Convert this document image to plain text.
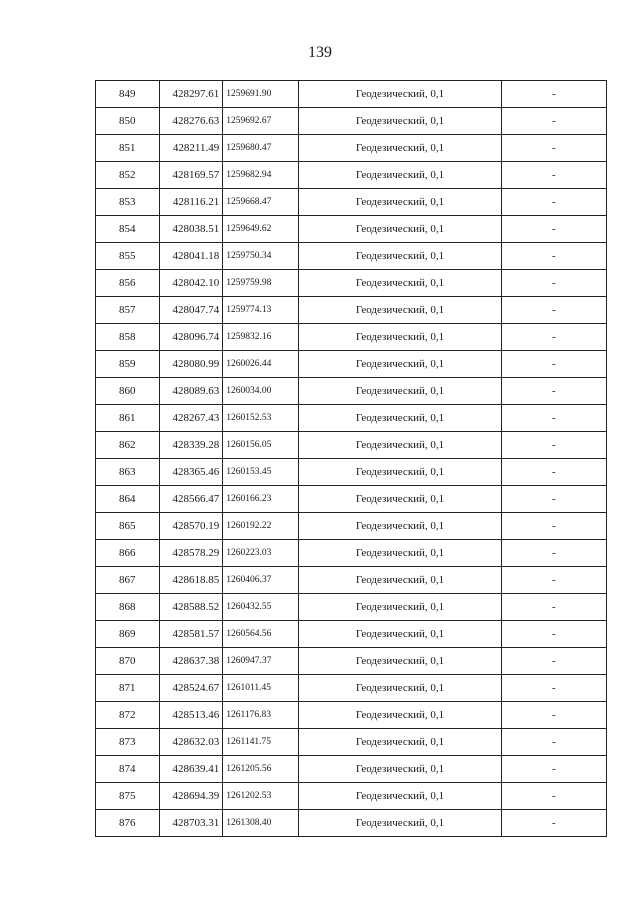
139
849	428297.61	1259691.90	Геодезический, 0,1	-
850	428276.63	1259692.67	Геодезический, 0,1	-
851	428211.49	1259680.47	Геодезический, 0,1	-
852	428169.57	1259682.94	Геодезический, 0,1	-
853	428116.21	1259668.47	Геодезический, 0,1	-
854	428038.51	1259649.62	Геодезический, 0,1	-
855	428041.18	1259750.34	Геодезический, 0,1	-
856	428042.10	1259759.98	Геодезический, 0,1	-
857	428047.74	1259774.13	Геодезический, 0,1	-
858	428096.74	1259832.16	Геодезический, 0,1	-
859	428080.99	1260026.44	Геодезический, 0,1	-
860	428089.63	1260034.00	Геодезический, 0,1	-
861	428267.43	1260152.53	Геодезический, 0,1	-
862	428339.28	1260156.05	Геодезический, 0,1	-
863	428365.46	1260153.45	Геодезический, 0,1	-
864	428566.47	1260166.23	Геодезический, 0,1	-
865	428570.19	1260192.22	Геодезический, 0,1	-
866	428578.29	1260223.03	Геодезический, 0,1	-
867	428618.85	1260406.37	Геодезический, 0,1	-
868	428588.52	1260432.55	Геодезический, 0,1	-
869	428581.57	1260564.56	Геодезический, 0,1	-
870	428637.38	1260947.37	Геодезический, 0,1	-
871	428524.67	1261011.45	Геодезический, 0,1	-
872	428513.46	1261176.83	Геодезический, 0,1	-
873	428632.03	1261141.75	Геодезический, 0,1	-
874	428639.41	1261205.56	Геодезический, 0,1	-
875	428694.39	1261202.53	Геодезический, 0,1	-
876	428703.31	1261308.40	Геодезический, 0,1	-
